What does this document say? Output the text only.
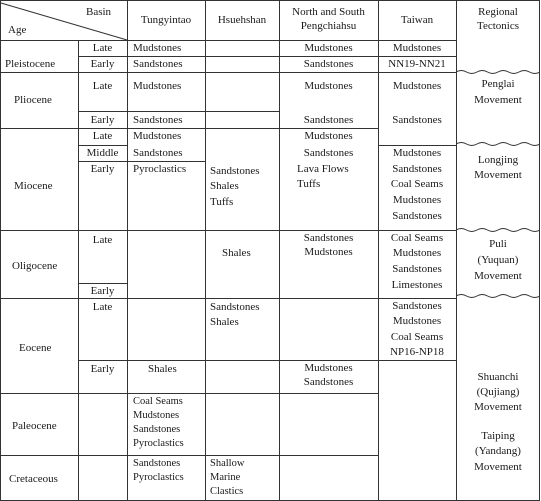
Basin
Age
Tungyintao	Hsuehshan
North and South
Pengchiahsu	Taiwan
Regional
Tectonics
Pleistocene
Pliocene
Miocene
Oligocene
Eocene
Paleocene
Cretaceous
Late
Early
Late
Early
Late
Middle
Early
Late
Early
Late
Early
Mudstones
Sandstones
Mudstones
Sandstones
Mudstones
Sandstones
Pyroclastics
Shales
Coal Seams
Mudstones
Sandstones
Pyroclastics
Sandstones
Pyroclastics
Sandstones
Shales
Tuffs
Shales
Sandstones
Shales
Shallow
Marine
Clastics
Mudstones
Sandstones
Mudstones
Sandstones
Mudstones
Sandstones
Lava Flows
Tuffs
Sandstones
Mudstones
Mudstones
Sandstones
Mudstones
NN19-NN21
Mudstones
Sandstones
Mudstones
Sandstones
Coal Seams
Mudstones
Sandstones
Coal Seams
Mudstones
Sandstones
Limestones
Sandstones
Mudstones
Coal Seams
NP16-NP18
Penglai
Movement
Longjing
Movement
Puli
(Yuquan)
Movement
Shuanchi
(Qujiang)
Movement
Taiping
(Yandang)
Movement
